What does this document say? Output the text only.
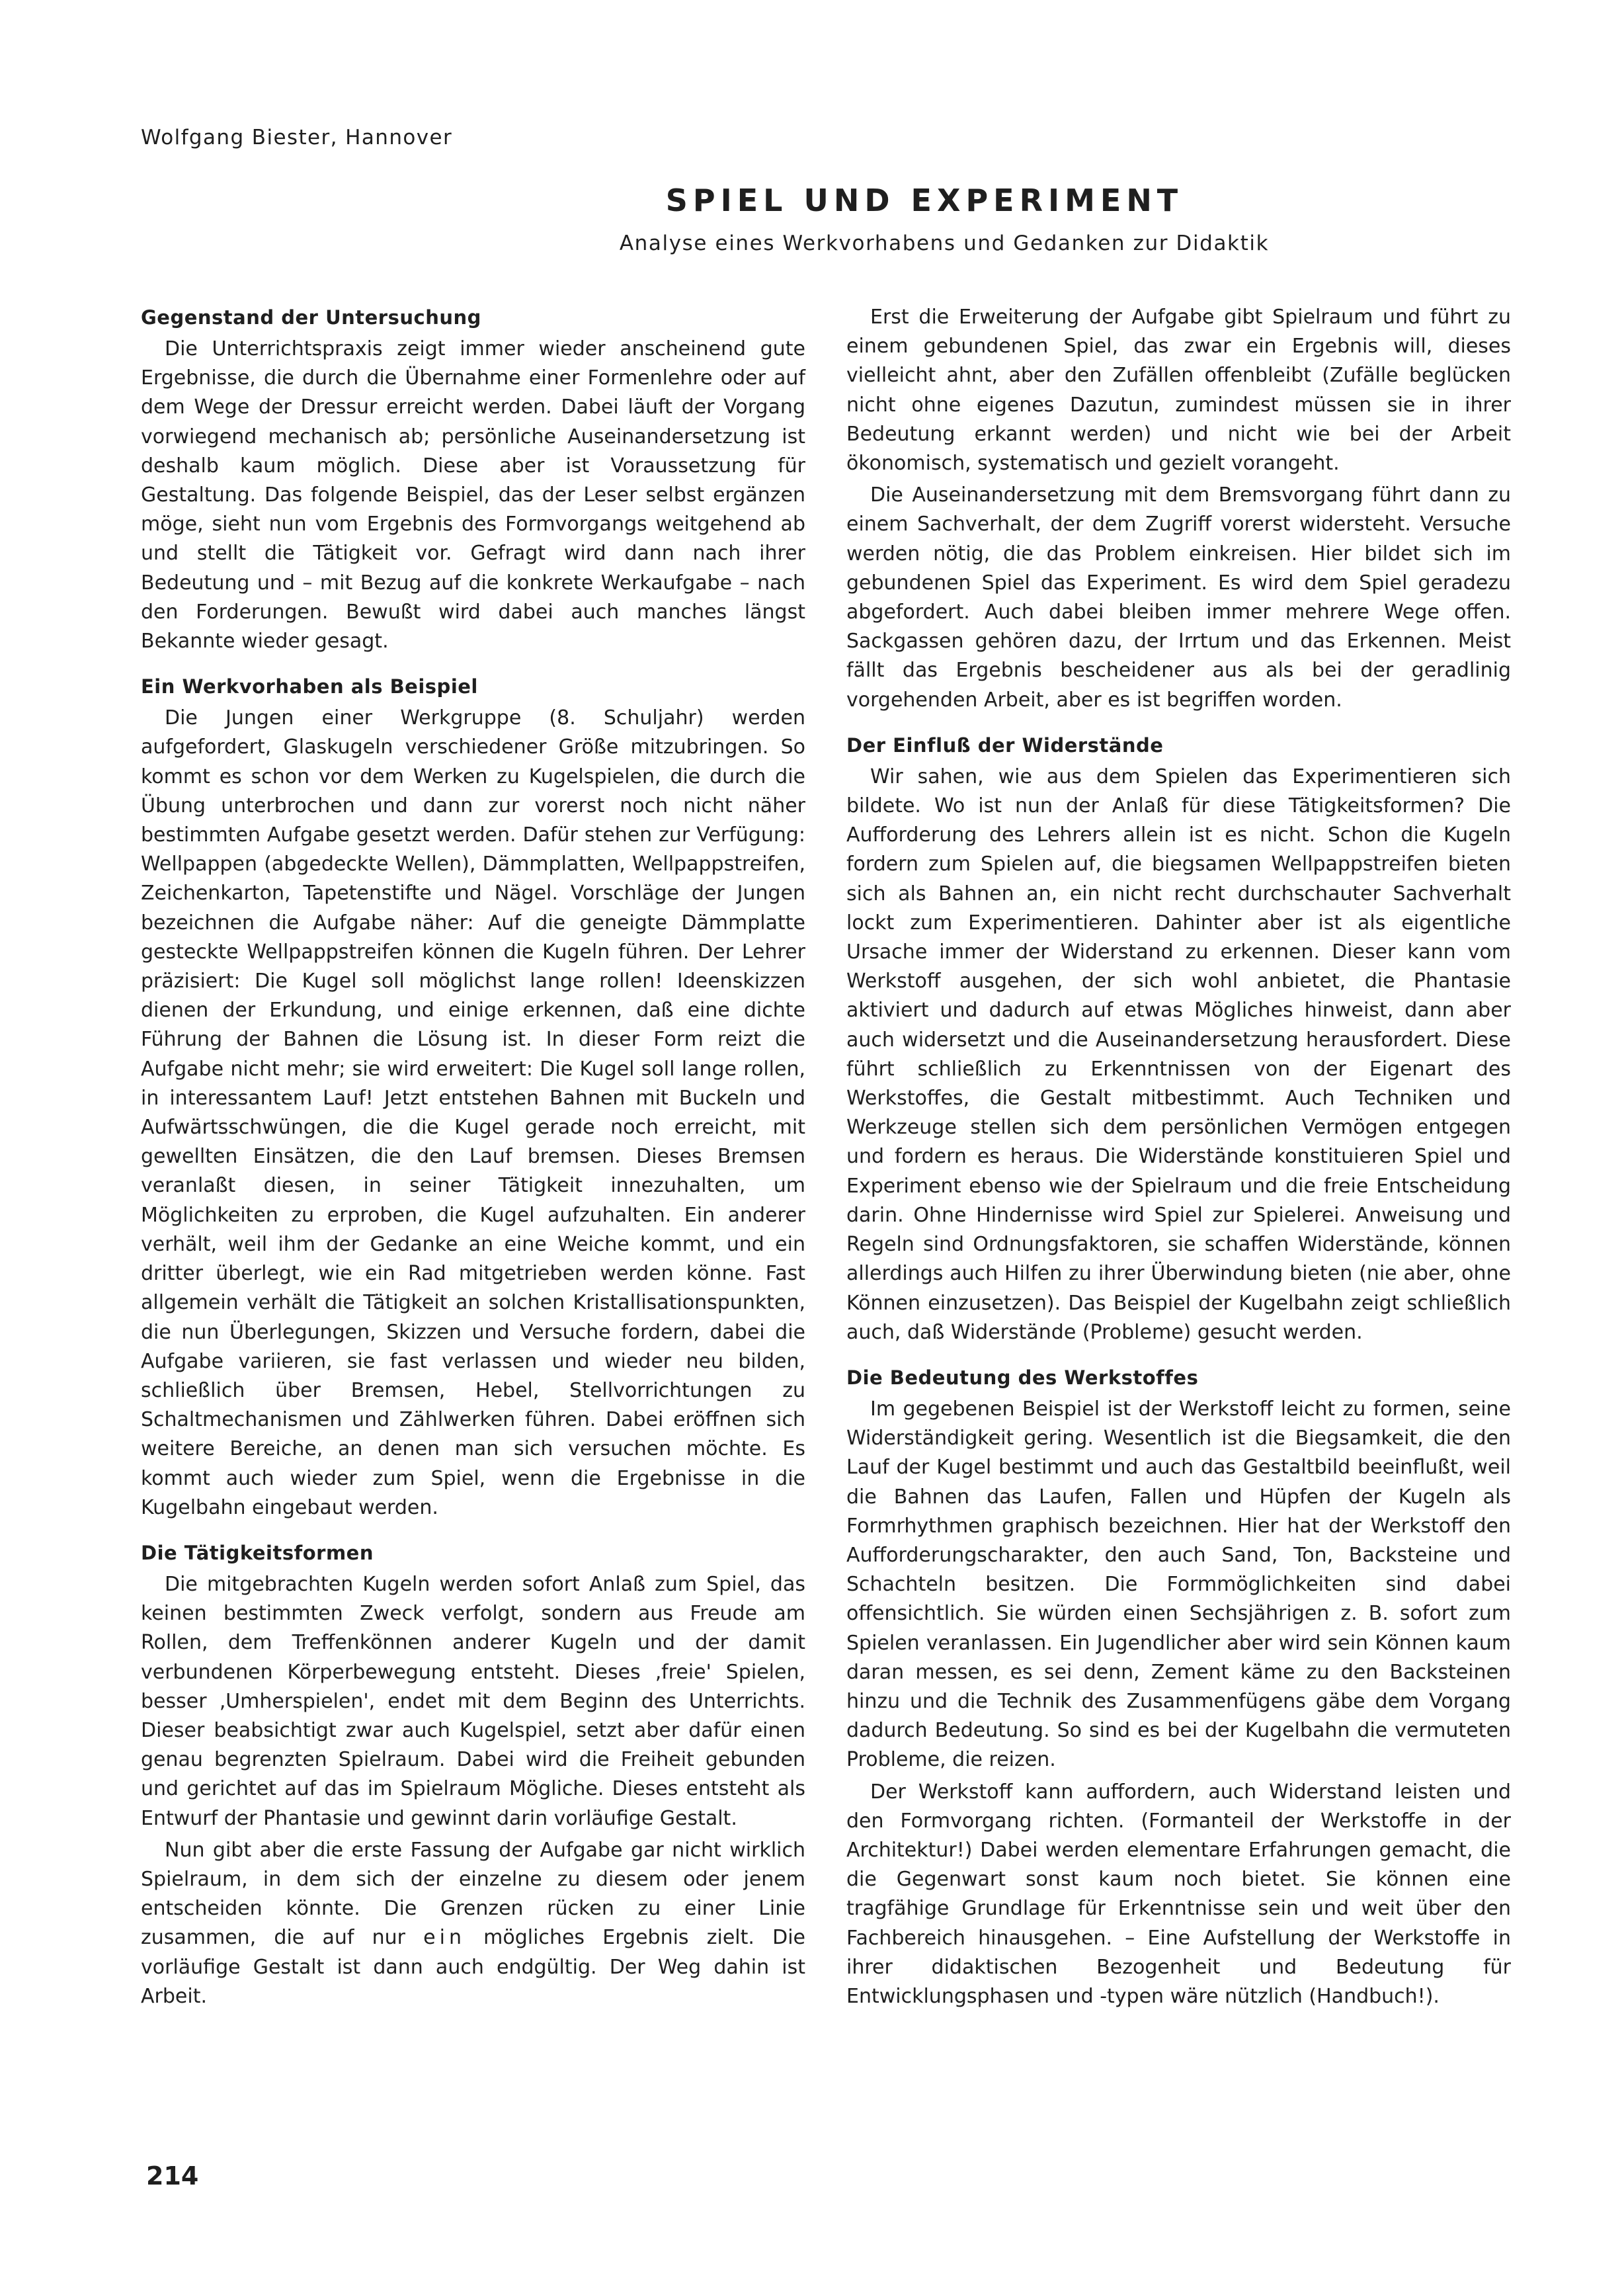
Wolfgang Biester, Hannover
SPIEL UND EXPERIMENT
Analyse eines Werkvorhabens und Gedanken zur Didaktik
Gegenstand der Untersuchung

Die Unterrichtspraxis zeigt immer wieder anscheinend gute Ergebnisse, die durch die Übernahme einer Formenlehre oder auf dem Wege der Dressur erreicht werden. Dabei läuft der Vorgang vorwiegend mechanisch ab; persönliche Auseinandersetzung ist deshalb kaum möglich. Diese aber ist Voraussetzung für Gestaltung. Das folgende Beispiel, das der Leser selbst ergänzen möge, sieht nun vom Ergebnis des Formvorgangs weitgehend ab und stellt die Tätigkeit vor. Gefragt wird dann nach ihrer Bedeutung und – mit Bezug auf die konkrete Werkaufgabe – nach den Forderungen. Bewußt wird dabei auch manches längst Bekannte wieder gesagt.

Ein Werkvorhaben als Beispiel

Die Jungen einer Werkgruppe (8. Schuljahr) werden aufgefordert, Glaskugeln verschiedener Größe mitzubringen. So kommt es schon vor dem Werken zu Kugelspielen, die durch die Übung unterbrochen und dann zur vorerst noch nicht näher bestimmten Aufgabe gesetzt werden. Dafür stehen zur Verfügung: Wellpappen (abgedeckte Wellen), Dämmplatten, Wellpappstreifen, Zeichenkarton, Tapetenstifte und Nägel. Vorschläge der Jungen bezeichnen die Aufgabe näher: Auf die geneigte Dämmplatte gesteckte Wellpappstreifen können die Kugeln führen. Der Lehrer präzisiert: Die Kugel soll möglichst lange rollen! Ideenskizzen dienen der Erkundung, und einige erkennen, daß eine dichte Führung der Bahnen die Lösung ist. In dieser Form reizt die Aufgabe nicht mehr; sie wird erweitert: Die Kugel soll lange rollen, in interessantem Lauf! Jetzt entstehen Bahnen mit Buckeln und Aufwärtsschwüngen, die die Kugel gerade noch erreicht, mit gewellten Einsätzen, die den Lauf bremsen. Dieses Bremsen veranlaßt diesen, in seiner Tätigkeit innezuhalten, um Möglichkeiten zu erproben, die Kugel aufzuhalten. Ein anderer verhält, weil ihm der Gedanke an eine Weiche kommt, und ein dritter überlegt, wie ein Rad mitgetrieben werden könne. Fast allgemein verhält die Tätigkeit an solchen Kristallisationspunkten, die nun Überlegungen, Skizzen und Versuche fordern, dabei die Aufgabe variieren, sie fast verlassen und wieder neu bilden, schließlich über Bremsen, Hebel, Stellvorrichtungen zu Schaltmechanismen und Zählwerken führen. Dabei eröffnen sich weitere Bereiche, an denen man sich versuchen möchte. Es kommt auch wieder zum Spiel, wenn die Ergebnisse in die Kugelbahn eingebaut werden.

Die Tätigkeitsformen

Die mitgebrachten Kugeln werden sofort Anlaß zum Spiel, das keinen bestimmten Zweck verfolgt, sondern aus Freude am Rollen, dem Treffenkönnen anderer Kugeln und der damit verbundenen Körperbewegung entsteht. Dieses ‚freie' Spielen, besser ‚Umherspielen', endet mit dem Beginn des Unterrichts. Dieser beabsichtigt zwar auch Kugelspiel, setzt aber dafür einen genau begrenzten Spielraum. Dabei wird die Freiheit gebunden und gerichtet auf das im Spielraum Mögliche. Dieses entsteht als Entwurf der Phantasie und gewinnt darin vorläufige Gestalt.

Nun gibt aber die erste Fassung der Aufgabe gar nicht wirklich Spielraum, in dem sich der einzelne zu diesem oder jenem entscheiden könnte. Die Grenzen rücken zu einer Linie zusammen, die auf nur ein mögliches Ergebnis zielt. Die vorläufige Gestalt ist dann auch endgültig. Der Weg dahin ist Arbeit.

Erst die Erweiterung der Aufgabe gibt Spielraum und führt zu einem gebundenen Spiel, das zwar ein Ergebnis will, dieses vielleicht ahnt, aber den Zufällen offenbleibt (Zufälle beglücken nicht ohne eigenes Dazutun, zumindest müssen sie in ihrer Bedeutung erkannt werden) und nicht wie bei der Arbeit ökonomisch, systematisch und gezielt vorangeht.

Die Auseinandersetzung mit dem Bremsvorgang führt dann zu einem Sachverhalt, der dem Zugriff vorerst widersteht. Versuche werden nötig, die das Problem einkreisen. Hier bildet sich im gebundenen Spiel das Experiment. Es wird dem Spiel geradezu abgefordert. Auch dabei bleiben immer mehrere Wege offen. Sackgassen gehören dazu, der Irrtum und das Erkennen. Meist fällt das Ergebnis bescheidener aus als bei der geradlinig vorgehenden Arbeit, aber es ist begriffen worden.

Der Einfluß der Widerstände

Wir sahen, wie aus dem Spielen das Experimentieren sich bildete. Wo ist nun der Anlaß für diese Tätigkeitsformen? Die Aufforderung des Lehrers allein ist es nicht. Schon die Kugeln fordern zum Spielen auf, die biegsamen Wellpappstreifen bieten sich als Bahnen an, ein nicht recht durchschauter Sachverhalt lockt zum Experimentieren. Dahinter aber ist als eigentliche Ursache immer der Widerstand zu erkennen. Dieser kann vom Werkstoff ausgehen, der sich wohl anbietet, die Phantasie aktiviert und dadurch auf etwas Mögliches hinweist, dann aber auch widersetzt und die Auseinandersetzung herausfordert. Diese führt schließlich zu Erkenntnissen von der Eigenart des Werkstoffes, die Gestalt mitbestimmt. Auch Techniken und Werkzeuge stellen sich dem persönlichen Vermögen entgegen und fordern es heraus. Die Widerstände konstituieren Spiel und Experiment ebenso wie der Spielraum und die freie Entscheidung darin. Ohne Hindernisse wird Spiel zur Spielerei. Anweisung und Regeln sind Ordnungsfaktoren, sie schaffen Widerstände, können allerdings auch Hilfen zu ihrer Überwindung bieten (nie aber, ohne Können einzusetzen). Das Beispiel der Kugelbahn zeigt schließlich auch, daß Widerstände (Probleme) gesucht werden.

Die Bedeutung des Werkstoffes

Im gegebenen Beispiel ist der Werkstoff leicht zu formen, seine Widerständigkeit gering. Wesentlich ist die Biegsamkeit, die den Lauf der Kugel bestimmt und auch das Gestaltbild beeinflußt, weil die Bahnen das Laufen, Fallen und Hüpfen der Kugeln als Formrhythmen graphisch bezeichnen. Hier hat der Werkstoff den Aufforderungscharakter, den auch Sand, Ton, Backsteine und Schachteln besitzen. Die Formmöglichkeiten sind dabei offensichtlich. Sie würden einen Sechsjährigen z. B. sofort zum Spielen veranlassen. Ein Jugendlicher aber wird sein Können kaum daran messen, es sei denn, Zement käme zu den Backsteinen hinzu und die Technik des Zusammenfügens gäbe dem Vorgang dadurch Bedeutung. So sind es bei der Kugelbahn die vermuteten Probleme, die reizen.

Der Werkstoff kann auffordern, auch Widerstand leisten und den Formvorgang richten. (Formanteil der Werkstoffe in der Architektur!) Dabei werden elementare Erfahrungen gemacht, die die Gegenwart sonst kaum noch bietet. Sie können eine tragfähige Grundlage für Erkenntnisse sein und weit über den Fachbereich hinausgehen. – Eine Aufstellung der Werkstoffe in ihrer didaktischen Bezogenheit und Bedeutung für Entwicklungsphasen und -typen wäre nützlich (Handbuch!).

214
